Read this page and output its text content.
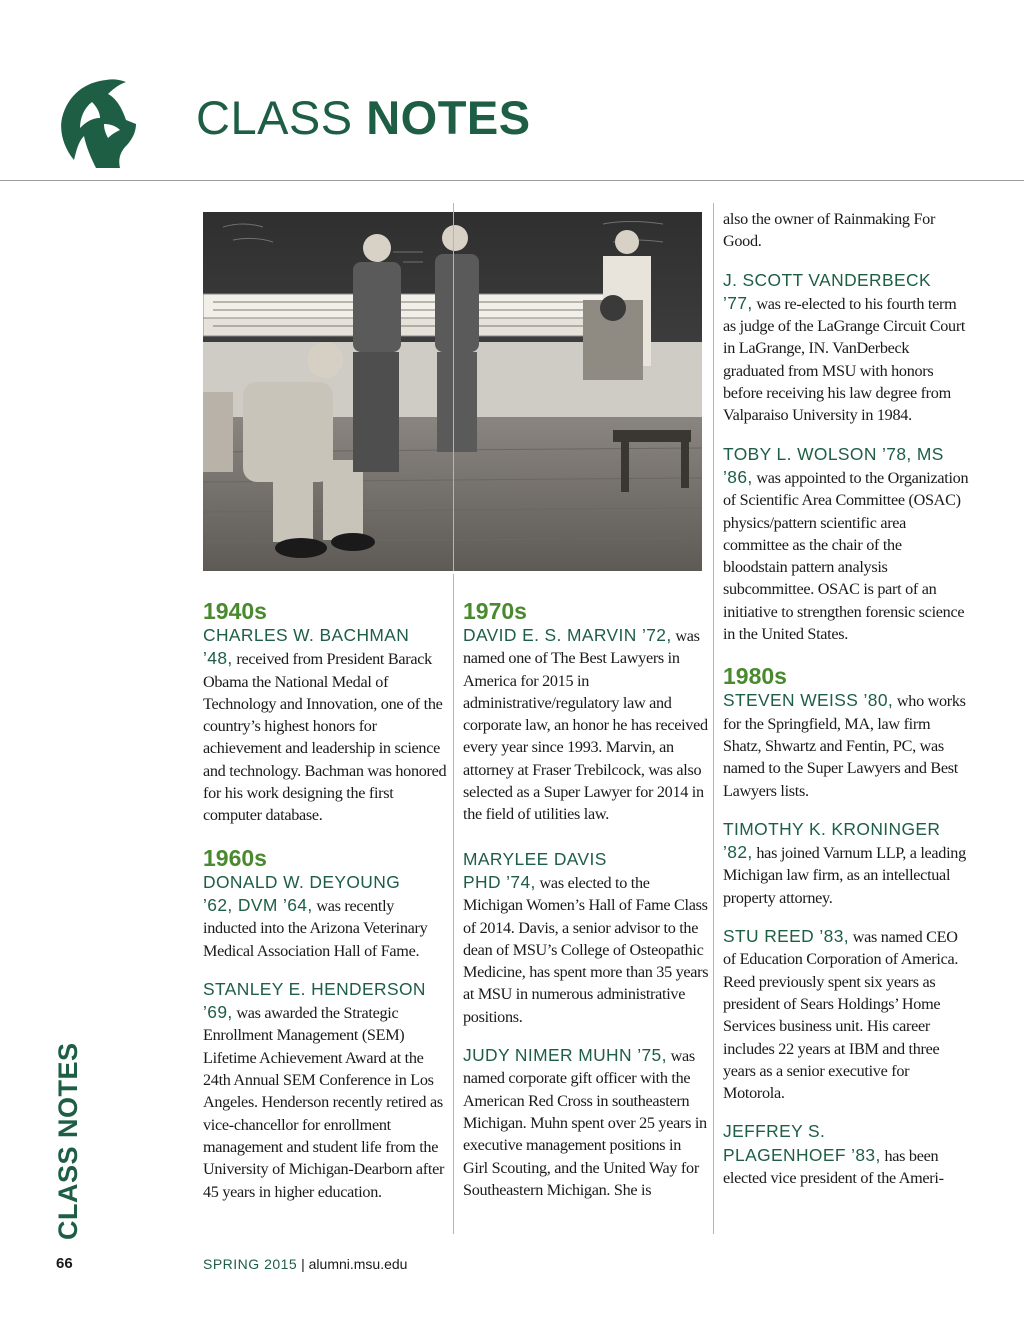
CLASS NOTES
1940s

CHARLES W. BACHMAN
’48, received from President Barack Obama the National Medal of Technology and Innovation, one of the country’s highest honors for achievement and leadership in science and technology. Bachman was honored for his work designing the first computer database.

1960s

DONALD W. DEYOUNG
’62, DVM ’64, was recently inducted into the Arizona Veterinary Medical Association Hall of Fame.

STANLEY E. HENDERSON
’69, was awarded the Strategic Enrollment Management (SEM) Lifetime Achievement Award at the 24th Annual SEM Conference in Los Angeles. Henderson recently retired as vice-chancellor for enrollment management and student life from the University of Michigan-Dearborn after 45 years in higher education.

1970s

DAVID E. S. MARVIN ’72, was named one of The Best Lawyers in America for 2015 in administrative/regulatory law and corporate law, an honor he has received every year since 1993. Marvin, an attorney at Fraser Trebilcock, was also selected as a Super Lawyer for 2014 in the field of utilities law.

MARYLEE DAVIS
PHD ’74, was elected to the Michigan Women’s Hall of Fame Class of 2014. Davis, a senior advisor to the dean of MSU’s College of Osteopathic Medicine, has spent more than 35 years at MSU in numerous administrative positions.

JUDY NIMER MUHN ’75, was named corporate gift officer with the American Red Cross in southeastern Michigan. Muhn spent over 25 years in executive management positions in Girl Scouting, and the United Way for Southeastern Michigan. She is

also the owner of Rainmaking For Good.

J. SCOTT VANDERBECK
’77, was re-elected to his fourth term as judge of the LaGrange Circuit Court in LaGrange, IN. VanDerbeck graduated from MSU with honors before receiving his law degree from Valparaiso University in 1984.

TOBY L. WOLSON ’78, MS
’86, was appointed to the Organization of Scientific Area Committee (OSAC) physics/pattern scientific area committee as the chair of the bloodstain pattern analysis subcommittee. OSAC is part of an initiative to strengthen forensic science in the United States.

1980s

STEVEN WEISS ’80, who works for the Springfield, MA, law firm Shatz, Shwartz and Fentin, PC, was named to the Super Lawyers and Best Lawyers lists.

TIMOTHY K. KRONINGER
’82, has joined Varnum LLP, a leading Michigan law firm, as an intellectual property attorney.

STU REED ’83, was named CEO of Education Corporation of America. Reed previously spent six years as president of Sears Holdings’ Home Services business unit. His career includes 22 years at IBM and three years as a senior executive for Motorola.

JEFFREY S.
PLAGENHOEF ’83, has been elected vice president of the Ameri-

CLASS NOTES
66	SPRING 2015 | alumni.msu.edu
